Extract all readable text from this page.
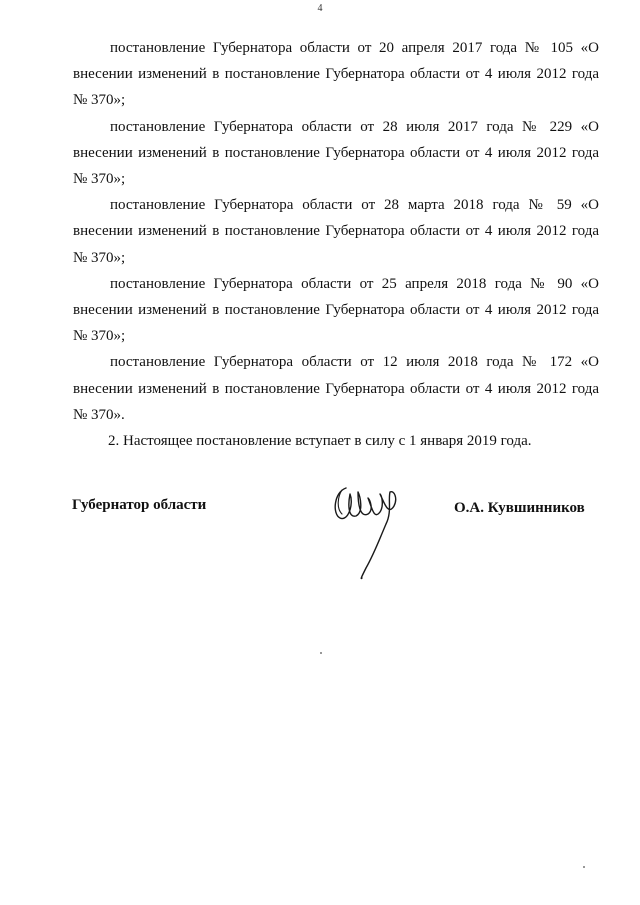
4

постановление Губернатора области от 20 апреля 2017 года № 105 «О внесении изменений в постановление Губернатора области от 4 июля 2012 года № 370»;

постановление Губернатора области от 28 июля 2017 года № 229 «О внесении изменений в постановление Губернатора области от 4 июля 2012 года № 370»;

постановление Губернатора области от 28 марта 2018 года № 59 «О внесении изменений в постановление Губернатора области от 4 июля 2012 года № 370»;

постановление Губернатора области от 25 апреля 2018 года № 90 «О внесении изменений в постановление Губернатора области от 4 июля 2012 года № 370»;

постановление Губернатора области от 12 июля 2018 года № 172 «О внесении изменений в постановление Губернатора области от 4 июля 2012 года № 370».

2. Настоящее постановление вступает в силу с 1 января 2019 года.

Губернатор области	О.А. Кувшинников
